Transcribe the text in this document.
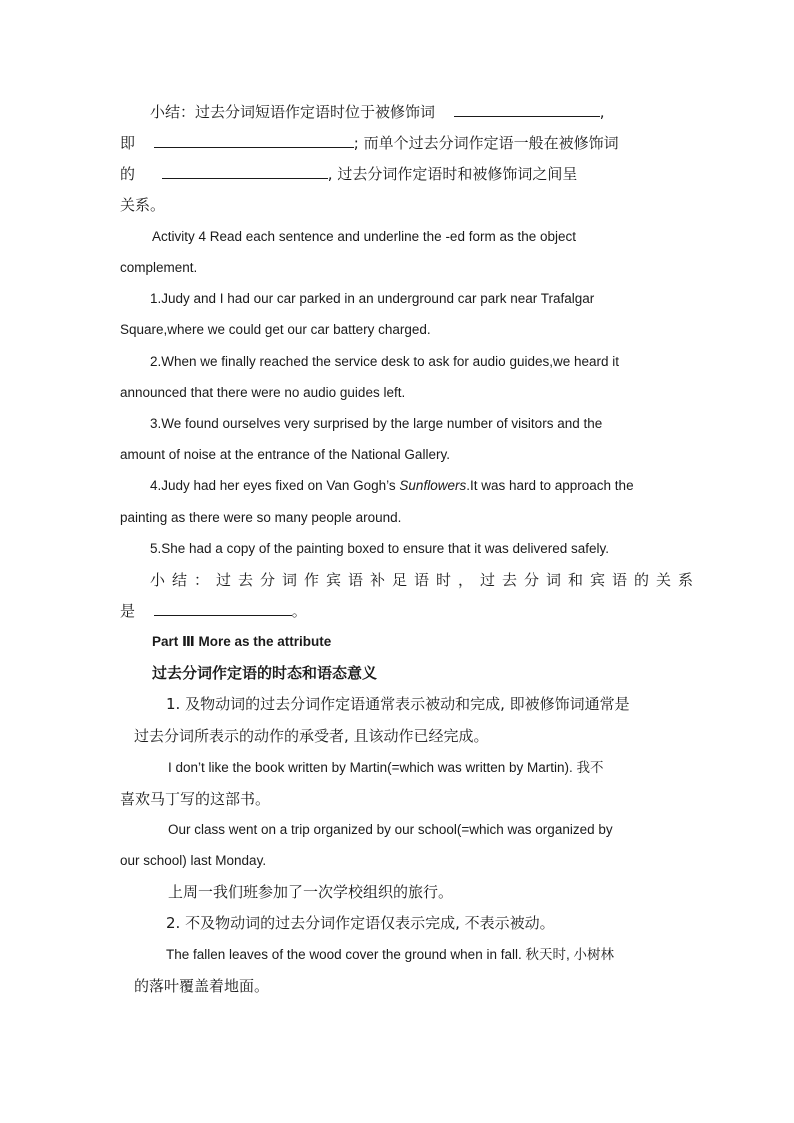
小结：过去分词短语作定语时位于被修饰词	,
即	; 而单个过去分词作定语一般在被修饰词
的	, 过去分词作定语时和被修饰词之间呈
关系。
Activity 4 Read each sentence and underline the -ed form as the object
complement.
1.Judy and I had our car parked in an underground car park near Trafalgar
Square,where we could get our car battery charged.
2.When we finally reached the service desk to ask for audio guides,we heard it
announced that there were no audio guides left.
3.We found ourselves very surprised by the large number of visitors and the
amount of noise at the entrance of the National Gallery.
4.Judy had her eyes fixed on Van Gogh’s Sunflowers.It was hard to approach the
painting as there were so many people around.
5.She had a copy of the painting boxed to ensure that it was delivered safely.
小结：过去分词作宾语补足语时，过去分词和宾语的关系
是	。
Part Ⅲ More as the attribute
过去分词作定语的时态和语态意义
1. 及物动词的过去分词作定语通常表示被动和完成, 即被修饰词通常是
过去分词所表示的动作的承受者, 且该动作已经完成。
I don’t like the book written by Martin(=which was written by Martin). 我不
喜欢马丁写的这部书。
Our class went on a trip organized by our school(=which was organized by
our school) last Monday.
上周一我们班参加了一次学校组织的旅行。
2. 不及物动词的过去分词作定语仅表示完成, 不表示被动。
The fallen leaves of the wood cover the ground when in fall. 秋天时, 小树林
的落叶覆盖着地面。
